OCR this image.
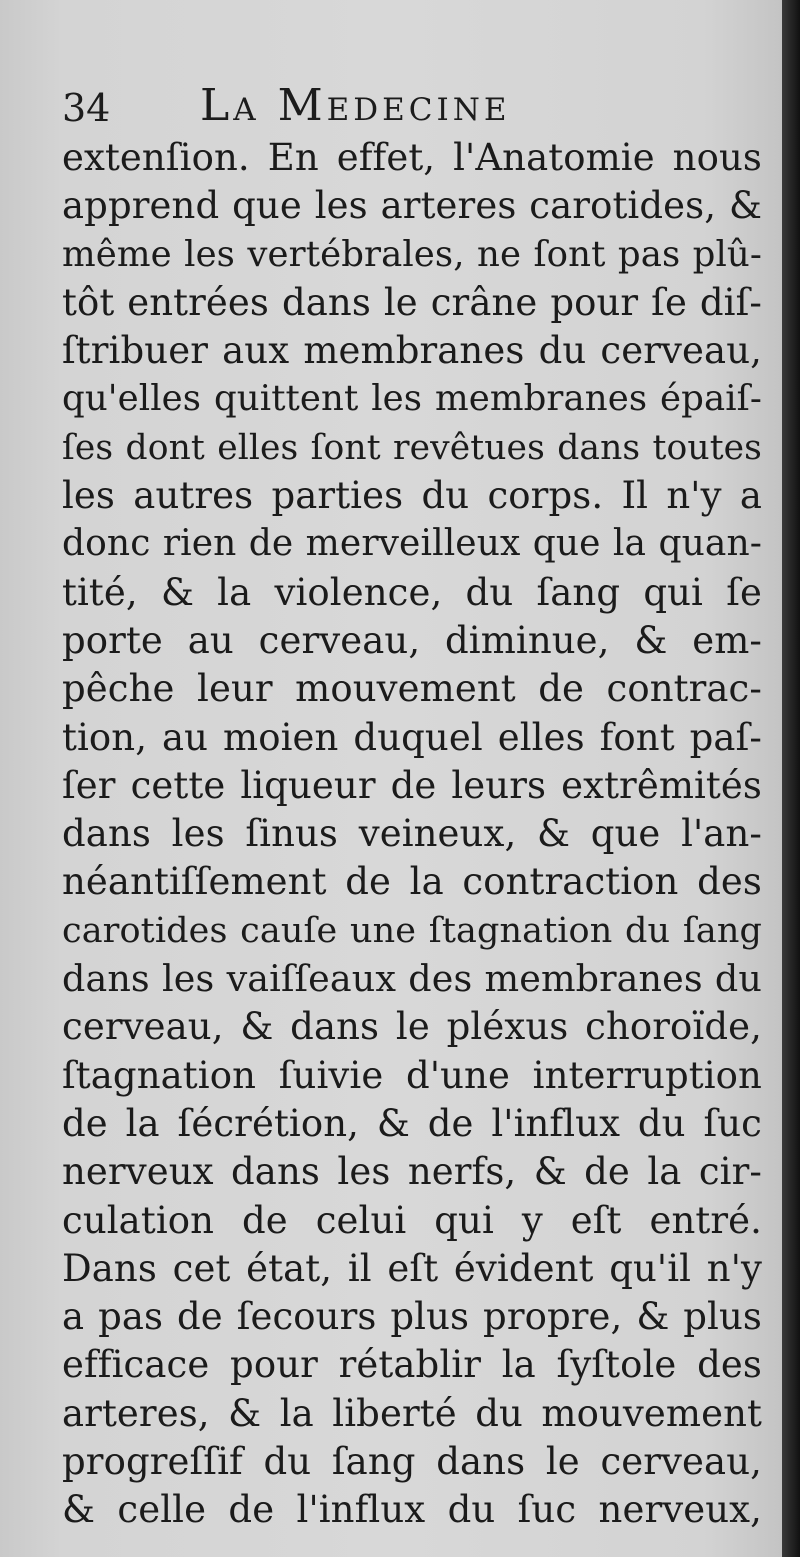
34 La Medecine
extenſion. En effet, l'Anatomie nous
apprend que les arteres carotides, &
même les vertébrales, ne ſont pas plû-
tôt entrées dans le crâne pour ſe diſ-
ſtribuer aux membranes du cerveau,
qu'elles quittent les membranes épaiſ-
ſes dont elles ſont revêtues dans toutes
les autres parties du corps. Il n'y a
donc rien de merveilleux que la quan-
tité, & la violence, du ſang qui ſe
porte au cerveau, diminue, & em-
pêche leur mouvement de contrac-
tion, au moien duquel elles font paſ-
ſer cette liqueur de leurs extrêmités
dans les ſinus veineux, & que l'an-
néantiſſement de la contraction des
carotides cauſe une ſtagnation du ſang
dans les vaiſſeaux des membranes du
cerveau, & dans le pléxus choroïde,
ſtagnation ſuivie d'une interruption
de la ſécrétion, & de l'influx du ſuc
nerveux dans les nerfs, & de la cir-
culation de celui qui y eſt entré.
Dans cet état, il eſt évident qu'il n'y
a pas de ſecours plus propre, & plus
efficace pour rétablir la ſyſtole des
arteres, & la liberté du mouvement
progreſſif du ſang dans le cerveau,
& celle de l'influx du ſuc nerveux,
